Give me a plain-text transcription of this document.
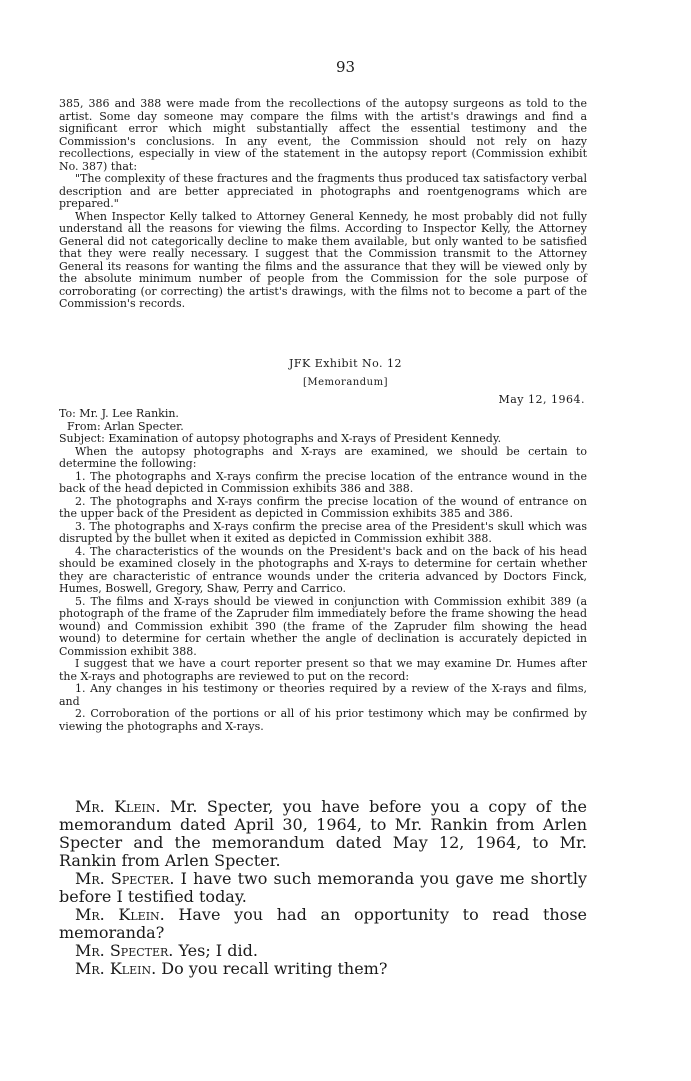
93

385, 386 and 388 were made from the recollections of the autopsy surgeons as told to the artist. Some day someone may compare the films with the artist's drawings and find a significant error which might substantially affect the essential testimony and the Commission's conclusions. In any event, the Commission should not rely on hazy recollections, especially in view of the statement in the autopsy report (Commission exhibit No. 387) that:

"The complexity of these fractures and the fragments thus produced tax satisfactory verbal description and are better appreciated in photographs and roentgenograms which are prepared."

When Inspector Kelly talked to Attorney General Kennedy, he most probably did not fully understand all the reasons for viewing the films. According to Inspector Kelly, the Attorney General did not categorically decline to make them available, but only wanted to be satisfied that they were really necessary. I suggest that the Commission transmit to the Attorney General its reasons for wanting the films and the assurance that they will be viewed only by the absolute minimum number of people from the Commission for the sole purpose of corroborating (or correcting) the artist's drawings, with the films not to become a part of the Commission's records.

JFK Exhibit No. 12
[Memorandum]
May 12, 1964.

To: Mr. J. Lee Rankin.

From: Arlan Specter.

Subject: Examination of autopsy photographs and X-rays of President Kennedy.

When the autopsy photographs and X-rays are examined, we should be certain to determine the following:

1. The photographs and X-rays confirm the precise location of the entrance wound in the back of the head depicted in Commission exhibits 386 and 388.

2. The photographs and X-rays confirm the precise location of the wound of entrance on the upper back of the President as depicted in Commission exhibits 385 and 386.

3. The photographs and X-rays confirm the precise area of the President's skull which was disrupted by the bullet when it exited as depicted in Commission exhibit 388.

4. The characteristics of the wounds on the President's back and on the back of his head should be examined closely in the photographs and X-rays to determine for certain whether they are characteristic of entrance wounds under the criteria advanced by Doctors Finck, Humes, Boswell, Gregory, Shaw, Perry and Carrico.

5. The films and X-rays should be viewed in conjunction with Commission exhibit 389 (a photograph of the frame of the Zapruder film immediately before the frame showing the head wound) and Commission exhibit 390 (the frame of the Zapruder film showing the head wound) to determine for certain whether the angle of declination is accurately depicted in Commission exhibit 388.

I suggest that we have a court reporter present so that we may examine Dr. Humes after the X-rays and photographs are reviewed to put on the record:

1. Any changes in his testimony or theories required by a review of the X-rays and films, and

2. Corroboration of the portions or all of his prior testimony which may be confirmed by viewing the photographs and X-rays.

Mr. Klein. Mr. Specter, you have before you a copy of the memorandum dated April 30, 1964, to Mr. Rankin from Arlen Specter and the memorandum dated May 12, 1964, to Mr. Rankin from Arlen Specter.

Mr. Specter. I have two such memoranda you gave me shortly before I testified today.

Mr. Klein. Have you had an opportunity to read those memoranda?

Mr. Specter. Yes; I did.

Mr. Klein. Do you recall writing them?
